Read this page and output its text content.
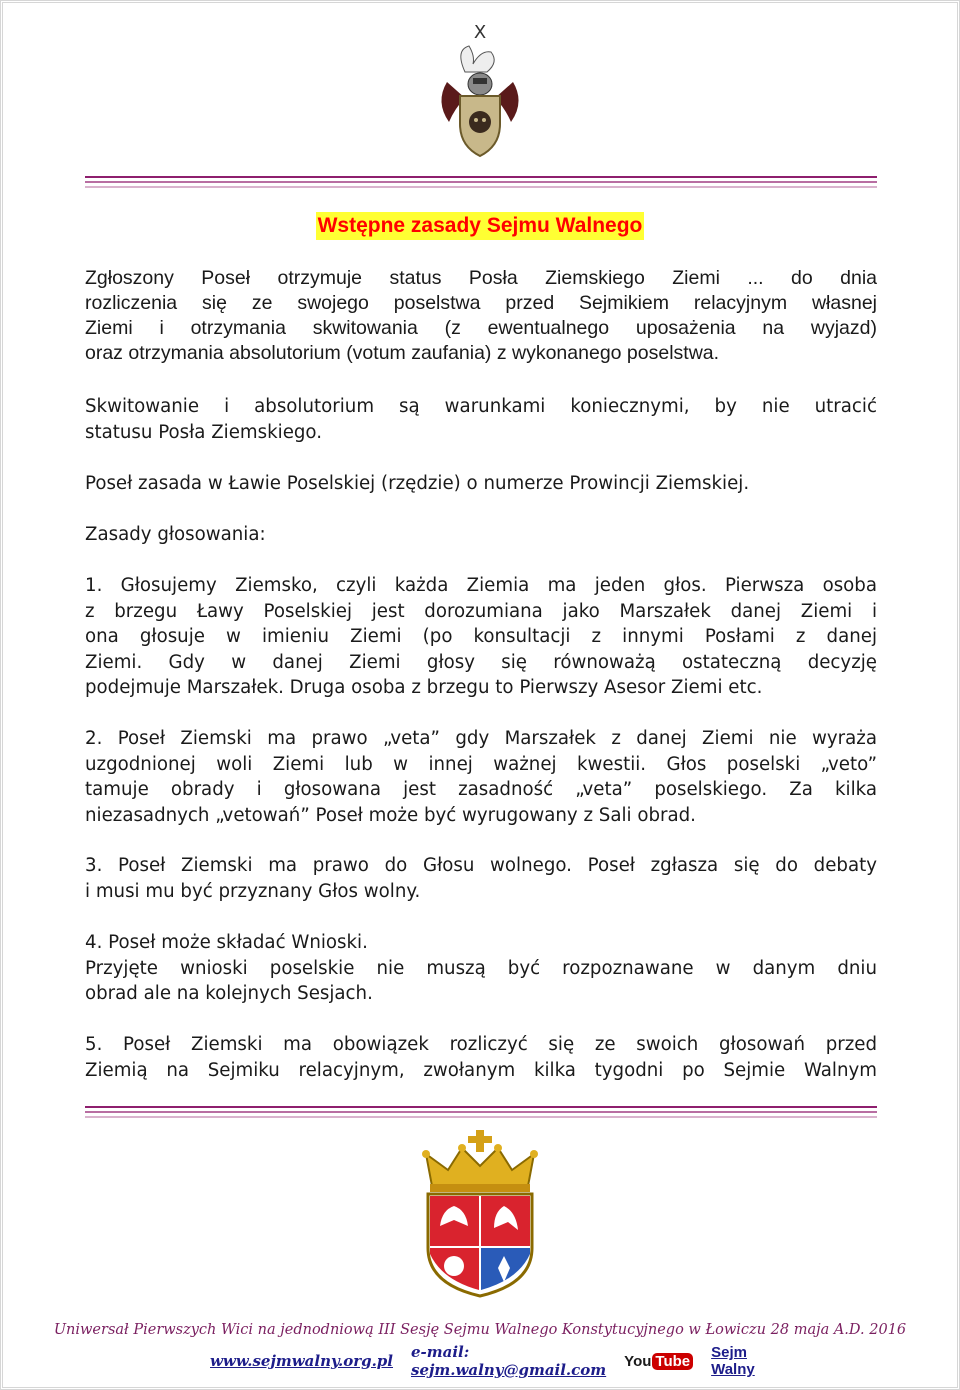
X
Wstępne zasady Sejmu Walnego
Zgłoszony Poseł otrzymuje status Posła Ziemskiego Ziemi ... do dnia
rozliczenia się ze swojego poselstwa przed Sejmikiem relacyjnym własnej
Ziemi i otrzymania skwitowania (z ewentualnego uposażenia na wyjazd)
oraz otrzymania absolutorium (votum zaufania) z wykonanego poselstwa.
Skwitowanie i absolutorium są warunkami koniecznymi, by nie utracić
statusu Posła Ziemskiego.
Poseł zasada w Ławie Poselskiej (rzędzie) o numerze Prowincji Ziemskiej.
Zasady głosowania:
1. Głosujemy Ziemsko, czyli każda Ziemia ma jeden głos. Pierwsza osoba
z brzegu Ławy Poselskiej jest dorozumiana jako Marszałek danej Ziemi i
ona głosuje w imieniu Ziemi (po konsultacji z innymi Posłami z danej
Ziemi. Gdy w danej Ziemi głosy się równoważą ostateczną decyzję
podejmuje Marszałek. Druga osoba z brzegu to Pierwszy Asesor Ziemi etc.
2. Poseł Ziemski ma prawo „veta” gdy Marszałek z danej Ziemi nie wyraża
uzgodnionej woli Ziemi lub w innej ważnej kwestii. Głos poselski „veto”
tamuje obrady i głosowana jest zasadność „veta” poselskiego. Za kilka
niezasadnych „vetowań” Poseł może być wyrugowany z Sali obrad.
3. Poseł Ziemski ma prawo do Głosu wolnego. Poseł zgłasza się do debaty
i musi mu być przyznany Głos wolny.
4. Poseł może składać Wnioski.
Przyjęte wnioski poselskie nie muszą być rozpoznawane w danym dniu
obrad ale na kolejnych Sesjach.
5. Poseł Ziemski ma obowiązek rozliczyć się ze swoich głosowań przed
Ziemią na Sejmiku relacyjnym, zwołanym kilka tygodni po Sejmie Walnym
Uniwersał Pierwszych Wici na jednodniową III Sesję Sejmu Walnego Konstytucyjnego w Łowiczu 28 maja A.D. 2016
www.sejmwalny.org.pl e-mail: sejm.walny@gmail.com You Tube Sejm Walny
